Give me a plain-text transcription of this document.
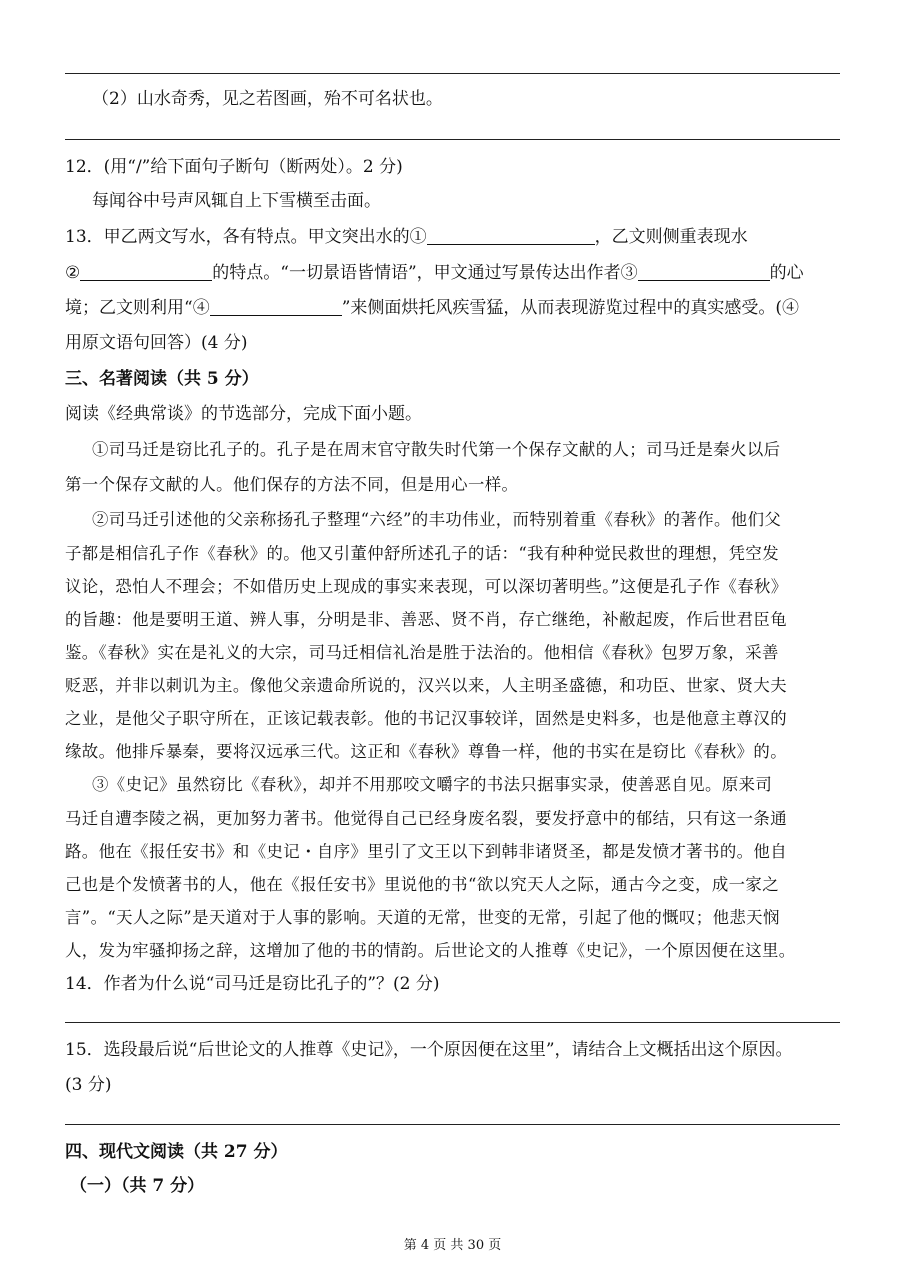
（2）山水奇秀，见之若图画，殆不可名状也。
12．(用“/”给下面句子断句（断两处）。2 分)
每闻谷中号声风辄自上下雪横至击面。
13．甲乙两文写水，各有特点。甲文突出水的①	，乙文则侧重表现水
②	的特点。“一切景语皆情语”，甲文通过写景传达出作者③	的心
境；乙文则利用“④	”来侧面烘托风疾雪猛，从而表现游览过程中的真实感受。(④
用原文语句回答）(4 分)
三、名著阅读（共 5 分）
阅读《经典常谈》的节选部分，完成下面小题。
①司马迁是窃比孔子的。孔子是在周末官守散失时代第一个保存文献的人；司马迁是秦火以后
第一个保存文献的人。他们保存的方法不同，但是用心一样。
②司马迁引述他的父亲称扬孔子整理“六经”的丰功伟业，而特别着重《春秋》的著作。他们父
子都是相信孔子作《春秋》的。他又引董仲舒所述孔子的话：“我有种种觉民救世的理想，凭空发
议论，恐怕人不理会；不如借历史上现成的事实来表现，可以深切著明些。”这便是孔子作《春秋》
的旨趣：他是要明王道、辨人事，分明是非、善恶、贤不肖，存亡继绝，补敝起废，作后世君臣龟
鉴。《春秋》实在是礼义的大宗，司马迁相信礼治是胜于法治的。他相信《春秋》包罗万象，采善
贬恶，并非以刺讥为主。像他父亲遗命所说的，汉兴以来，人主明圣盛德，和功臣、世家、贤大夫
之业，是他父子职守所在，正该记载表彰。他的书记汉事较详，固然是史料多，也是他意主尊汉的
缘故。他排斥暴秦，要将汉远承三代。这正和《春秋》尊鲁一样，他的书实在是窃比《春秋》的。
③《史记》虽然窃比《春秋》，却并不用那咬文嚼字的书法只据事实录，使善恶自见。原来司
马迁自遭李陵之祸，更加努力著书。他觉得自己已经身废名裂，要发抒意中的郁结，只有这一条通
路。他在《报任安书》和《史记・自序》里引了文王以下到韩非诸贤圣，都是发愤才著书的。他自
己也是个发愤著书的人，他在《报任安书》里说他的书“欲以究天人之际，通古今之变，成一家之
言”。“天人之际”是天道对于人事的影响。天道的无常，世变的无常，引起了他的慨叹；他悲天悯
人，发为牢骚抑扬之辞，这增加了他的书的情韵。后世论文的人推尊《史记》，一个原因便在这里。
14．作者为什么说“司马迁是窃比孔子的”？(2 分)
15．选段最后说“后世论文的人推尊《史记》，一个原因便在这里”，请结合上文概括出这个原因。
(3 分)
四、现代文阅读（共 27 分）
（一）（共 7 分）
第 4 页 共 30 页
